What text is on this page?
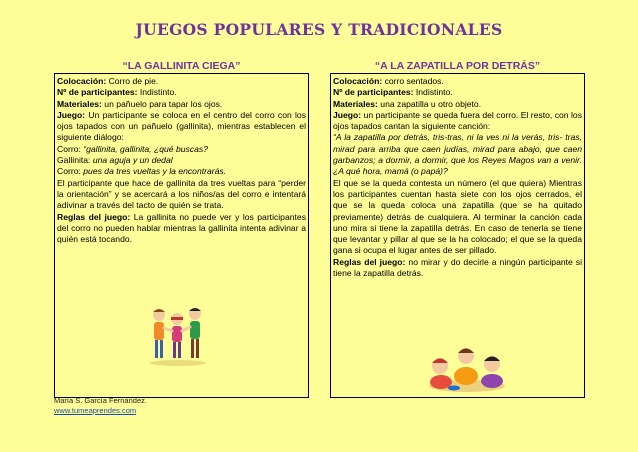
JUEGOS POPULARES Y TRADICIONALES
“LA GALLINITA CIEGA”

Colocación: Corro de pie.

Nº de participantes: Indistinto.

Materiales: un pañuelo para tapar los ojos.

Juego: Un participante se coloca en el centro del corro con los ojos tapados con un pañuelo (gallinita), mientras establecen el siguiente diálogo:

Corro: “gallinita, gallinita, ¿qué buscas?

Gallinita: una aguja y un dedal

Corro: pues da tres vueltas y la encontrarás.

El participante que hace de gallinita da tres vueltas para “perder la orientación” y se acercará a los niños/as del corro e intentará adivinar a través del tacto de quién se trata.

Reglas del juego: La gallinita no puede ver y los participantes del corro no pueden hablar mientras la gallinita intenta adivinar a quién está tocando.

“A LA ZAPATILLA POR DETRÁS”

Colocación: corro sentados.

Nº de participantes: Indistinto.

Materiales: una zapatilla u otro objeto.

Juego: un participante se queda fuera del corro. El resto, con los ojos tapados cantan la siguiente canción:

“A la zapatilla por detrás, tris-tras, ni la ves ni la verás, tris- tras, mirad para arriba que caen judías, mirad para abajo, que caen garbanzos; a dormir, a dormir, que los Reyes Magos van a venir. ¿A qué hora, mamá (o papá)?

El que se la queda contesta un número (el que quiera) Mientras los participantes cuentan hasta siete con los ojos cerrados, el que se la queda coloca una zapatilla (que se ha quitado previamente) detrás de cualquiera. Al terminar la canción cada uno mira si tiene la zapatilla detrás. En caso de tenerla se tiene que levantar y pillar al que se la ha colocado; el que se la queda gana si ocupa el lugar antes de ser pillado.

Reglas del juego: no mirar y do decirle a ningún participante si tiene la zapatilla detrás.

María S. García Fernández.
www.tumeaprendes.com
